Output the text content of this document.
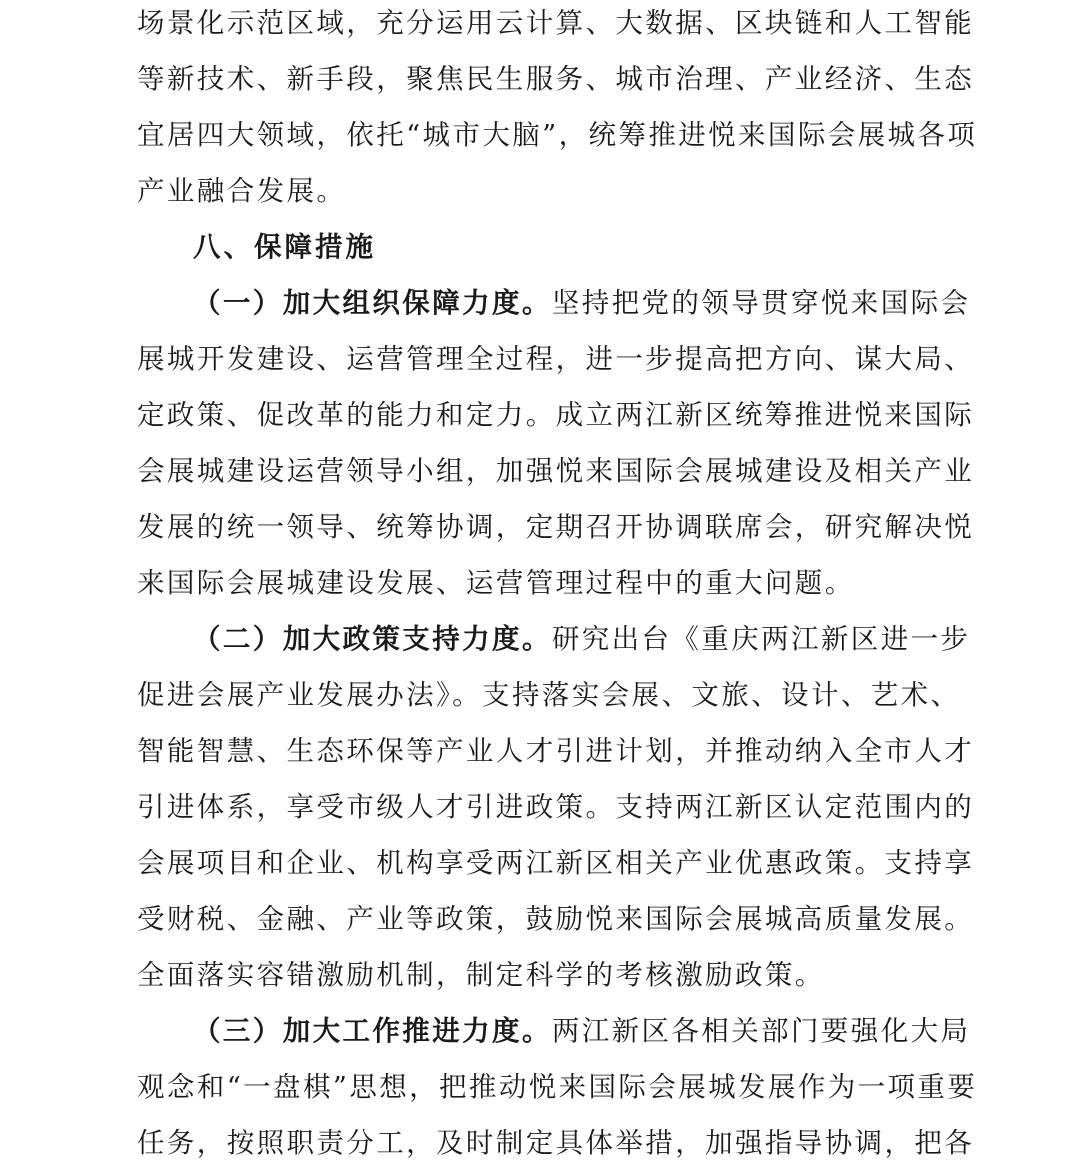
场景化示范区域，充分运用云计算、大数据、区块链和人工智能
等新技术、新手段，聚焦民生服务、城市治理、产业经济、生态
宜居四大领域，依托“城市大脑”，统筹推进悦来国际会展城各项
产业融合发展。
八、保障措施
（一）加大组织保障力度。坚持把党的领导贯穿悦来国际会
展城开发建设、运营管理全过程，进一步提高把方向、谋大局、
定政策、促改革的能力和定力。成立两江新区统筹推进悦来国际
会展城建设运营领导小组，加强悦来国际会展城建设及相关产业
发展的统一领导、统筹协调，定期召开协调联席会，研究解决悦
来国际会展城建设发展、运营管理过程中的重大问题。
（二）加大政策支持力度。研究出台《重庆两江新区进一步
促进会展产业发展办法》。支持落实会展、文旅、设计、艺术、
智能智慧、生态环保等产业人才引进计划，并推动纳入全市人才
引进体系，享受市级人才引进政策。支持两江新区认定范围内的
会展项目和企业、机构享受两江新区相关产业优惠政策。支持享
受财税、金融、产业等政策，鼓励悦来国际会展城高质量发展。
全面落实容错激励机制，制定科学的考核激励政策。
（三）加大工作推进力度。两江新区各相关部门要强化大局
观念和“一盘棋”思想，把推动悦来国际会展城发展作为一项重要
任务，按照职责分工，及时制定具体举措，加强指导协调，把各
